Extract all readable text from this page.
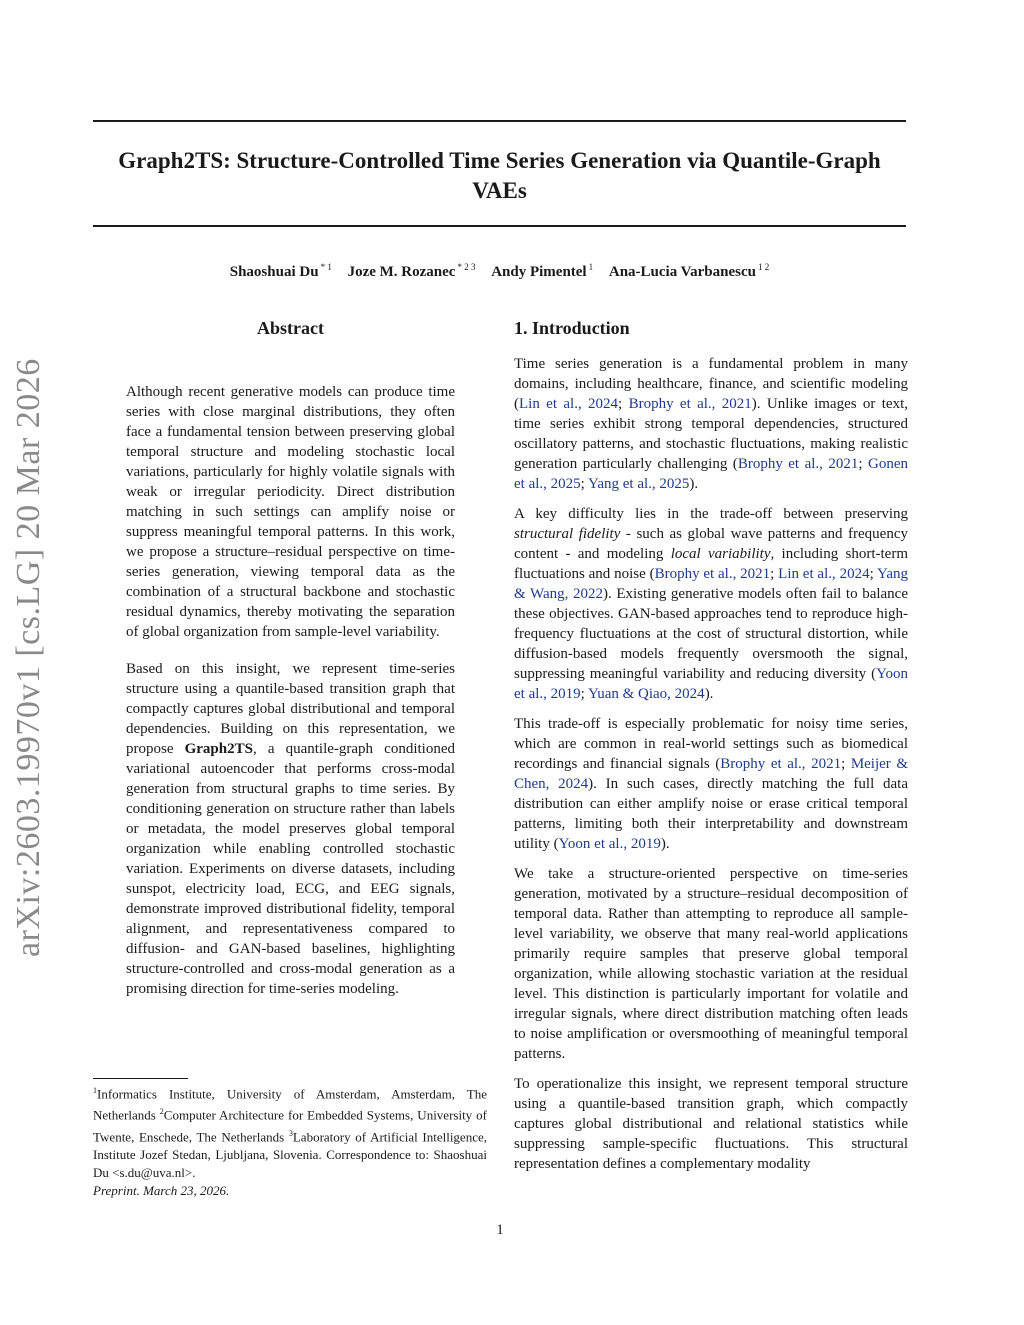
arXiv:2603.19970v1 [cs.LG] 20 Mar 2026
Graph2TS: Structure-Controlled Time Series Generation via Quantile-Graph VAEs
Shaoshuai Du $^{* 1}$ Joze M. Rozanec $^{* 2 3}$ Andy Pimentel $^1$ Ana-Lucia Varbanescu $^{1 2}$
Abstract

Although recent generative models can produce time series with close marginal distributions, they often face a fundamental tension between preserving global temporal structure and modeling stochastic local variations, particularly for highly volatile signals with weak or irregular periodicity. Direct distribution matching in such settings can amplify noise or suppress meaningful temporal patterns. In this work, we propose a structure–residual perspective on time-series generation, viewing temporal data as the combination of a structural backbone and stochastic residual dynamics, thereby motivating the separation of global organization from sample-level variability.

Based on this insight, we represent time-series structure using a quantile-based transition graph that compactly captures global distributional and temporal dependencies. Building on this representation, we propose Graph2TS, a quantile-graph conditioned variational autoencoder that performs cross-modal generation from structural graphs to time series. By conditioning generation on structure rather than labels or metadata, the model preserves global temporal organization while enabling controlled stochastic variation. Experiments on diverse datasets, including sunspot, electricity load, ECG, and EEG signals, demonstrate improved distributional fidelity, temporal alignment, and representativeness compared to diffusion- and GAN-based baselines, highlighting structure-controlled and cross-modal generation as a promising direction for time-series modeling.

1. Introduction

Time series generation is a fundamental problem in many domains, including healthcare, finance, and scientific modeling (Lin et al., 2024; Brophy et al., 2021). Unlike images or text, time series exhibit strong temporal dependencies, structured oscillatory patterns, and stochastic fluctuations, making realistic generation particularly challenging (Brophy et al., 2021; Gonen et al., 2025; Yang et al., 2025).

A key difficulty lies in the trade-off between preserving structural fidelity - such as global wave patterns and frequency content - and modeling local variability, including short-term fluctuations and noise (Brophy et al., 2021; Lin et al., 2024; Yang & Wang, 2022). Existing generative models often fail to balance these objectives. GAN-based approaches tend to reproduce high-frequency fluctuations at the cost of structural distortion, while diffusion-based models frequently oversmooth the signal, suppressing meaningful variability and reducing diversity (Yoon et al., 2019; Yuan & Qiao, 2024).

This trade-off is especially problematic for noisy time series, which are common in real-world settings such as biomedical recordings and financial signals (Brophy et al., 2021; Meijer & Chen, 2024). In such cases, directly matching the full data distribution can either amplify noise or erase critical temporal patterns, limiting both their interpretability and downstream utility (Yoon et al., 2019).

We take a structure-oriented perspective on time-series generation, motivated by a structure–residual decomposition of temporal data. Rather than attempting to reproduce all sample-level variability, we observe that many real-world applications primarily require samples that preserve global temporal organization, while allowing stochastic variation at the residual level. This distinction is particularly important for volatile and irregular signals, where direct distribution matching often leads to noise amplification or oversmoothing of meaningful temporal patterns.

To operationalize this insight, we represent temporal structure using a quantile-based transition graph, which compactly captures global distributional and relational statistics while suppressing sample-specific fluctuations. This structural representation defines a complementary modality

$^1$Informatics Institute, University of Amsterdam, Amsterdam, The Netherlands $^2$Computer Architecture for Embedded Systems, University of Twente, Enschede, The Netherlands $^3$Laboratory of Artificial Intelligence, Institute Jozef Stedan, Ljubljana, Slovenia. Correspondence to: Shaoshuai Du <s.du@uva.nl>.
Preprint. March 23, 2026.
1
